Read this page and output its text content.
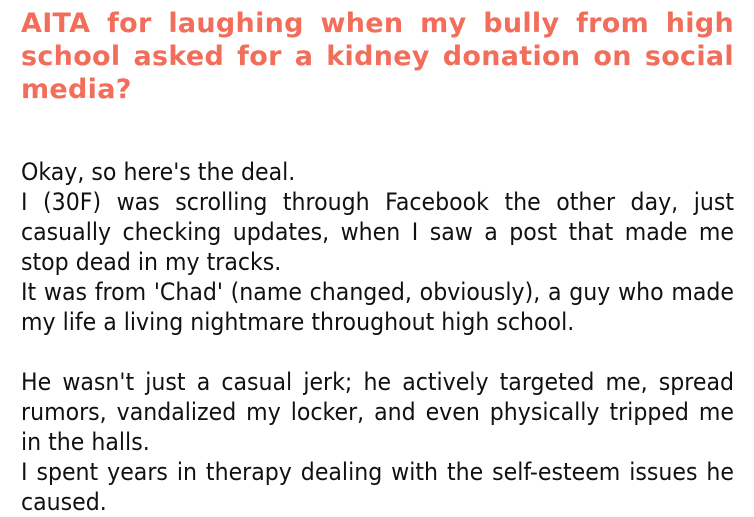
AITA for laughing when my bully from high school asked for a kidney donation on social media?

Okay, so here's the deal.

I (30F) was scrolling through Facebook the other day, just casually checking updates, when I saw a post that made me stop dead in my tracks.

It was from 'Chad' (name changed, obviously), a guy who made my life a living nightmare throughout high school.

He wasn't just a casual jerk; he actively targeted me, spread rumors, vandalized my locker, and even physically tripped me in the halls.

I spent years in therapy dealing with the self-esteem issues he caused.
